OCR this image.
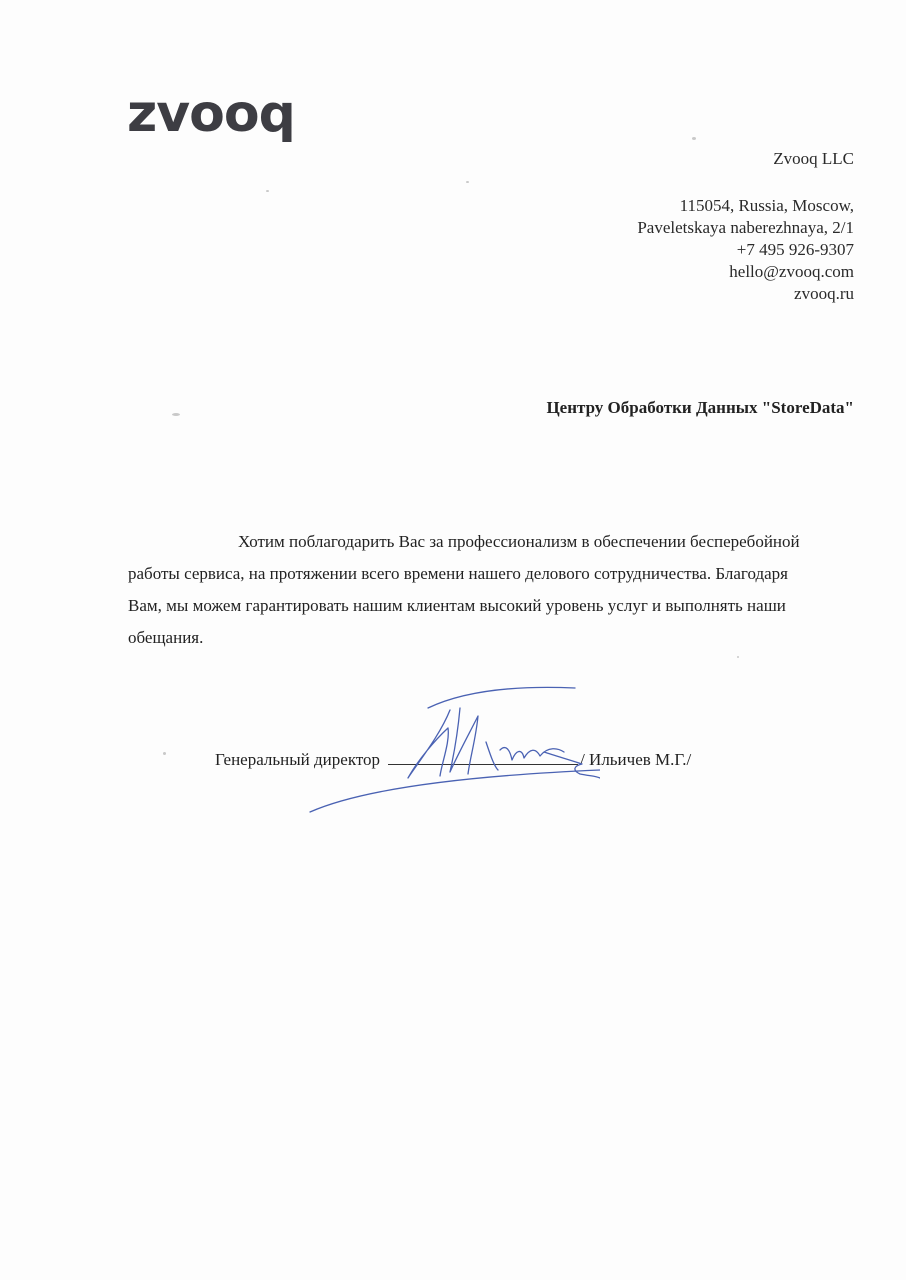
zvooq
Zvooq LLC
115054, Russia, Moscow,
Paveletskaya naberezhnaya, 2/1
+7 495 926-9307
hello@zvooq.com
zvooq.ru
Центру Обработки Данных "StoreData"
Хотим поблагодарить Вас за профессионализм в обеспечении бесперебойной работы сервиса, на протяжении всего времени нашего делового сотрудничества. Благодаря Вам, мы можем гарантировать нашим клиентам высокий уровень услуг и выполнять наши обещания.
Генеральный директор	/ Ильичев М.Г./
